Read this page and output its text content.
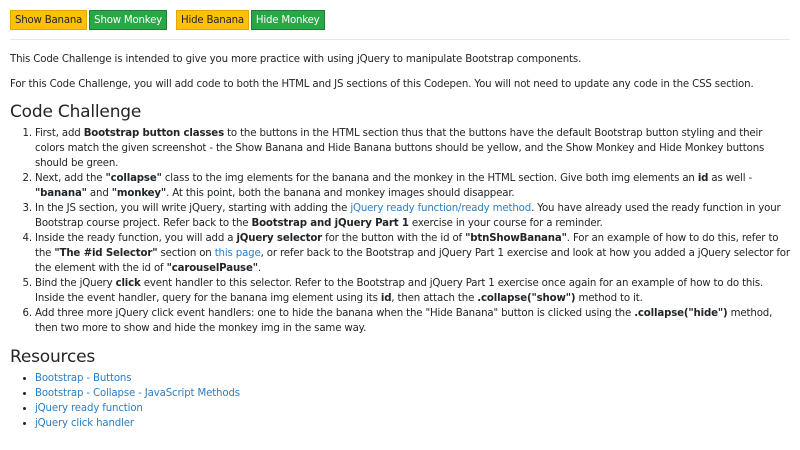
Show Banana	Show Monkey	Hide Banana	Hide Monkey

This Code Challenge is intended to give you more practice with using jQuery to manipulate Bootstrap components.

For this Code Challenge, you will add code to both the HTML and JS sections of this Codepen. You will not need to update any code in the CSS section.

Code Challenge
1. First, add Bootstrap button classes to the buttons in the HTML section thus that the buttons have the default Bootstrap button styling and their colors match the given screenshot - the Show Banana and Hide Banana buttons should be yellow, and the Show Monkey and Hide Monkey buttons should be green.
2. Next, add the "collapse" class to the img elements for the banana and the monkey in the HTML section. Give both img elements an id as well - "banana" and "monkey". At this point, both the banana and monkey images should disappear.
3. In the JS section, you will write jQuery, starting with adding the jQuery ready function/ready method. You have already used the ready function in your Bootstrap course project. Refer back to the Bootstrap and jQuery Part 1 exercise in your course for a reminder.
4. Inside the ready function, you will add a jQuery selector for the button with the id of "btnShowBanana". For an example of how to do this, refer to the "The #id Selector" section on this page, or refer back to the Bootstrap and jQuery Part 1 exercise and look at how you added a jQuery selector for the element with the id of "carouselPause".
5. Bind the jQuery click event handler to this selector. Refer to the Bootstrap and jQuery Part 1 exercise once again for an example of how to do this. Inside the event handler, query for the banana img element using its id, then attach the .collapse("show") method to it.
6. Add three more jQuery click event handlers: one to hide the banana when the "Hide Banana" button is clicked using the .collapse("hide") method, then two more to show and hide the monkey img in the same way.
Resources
• Bootstrap - Buttons
• Bootstrap - Collapse - JavaScript Methods
• jQuery ready function
• jQuery click handler
